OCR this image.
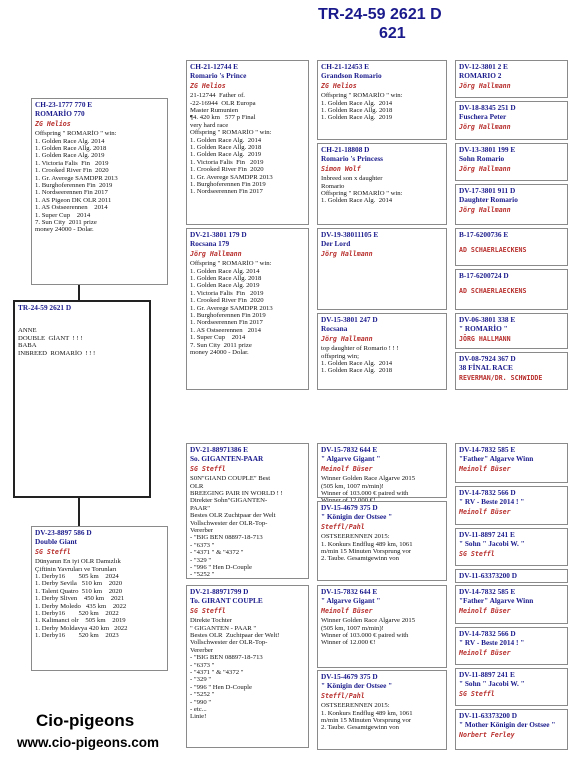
TR-24-59 2621 D
621
CH-23-1777 770 E
ROMARİO 770
ZG Helios
Offspring " ROMARİO " win:
1. Golden Race Alg. 2014
1. Golden Race Allg. 2018
1. Golden Race Alg. 2019
1. Victoria Falis  Fin   2019
1. Crooked River Fin  2020
1. Gr. Averege SAMDPR 2013
1. Burghoferennen Fin  2019
1. Nordseerennen Fin 2017
1. AS Pigeon DK OLR 2011
1. AS Ostseerennen    2014
1. Super Cup    2014
7. Sun City  2011 prize
money 24000 - Dolar.
TR-24-59 2621 D

ANNE
DOUBLE  GİANT  ! ! !
BABA
INBREED  ROMARİO  ! ! !
DV-23-8897 586 D
Double Giant
SG Steffl
Dünyanın En iyi OLR Damızlık
Çiftinin Yavruları ve Torunları
1. Derby16        505 km    2024
1. Derby Sevila   510 km    2020
1. Talent Quatro  510 km    2020
1. Derby Sliven    450 km    2021
1. Derby Moledo   435 km    2022
1. Derby16        520 km    2022
1. Kalimanci olr    505 km    2019
1. Derby Moldavya 420 km   2022
1. Derby16        520 km    2023
Cio-pigeons
www.cio-pigeons.com
CH-21-12744 E
Romario 's Prince
ZG Helios
21-12744  Father of.
-22-16944  OLR Europa
Master Rumunien
¶4. 420 km   577 p Final
very hard race
Offspring " ROMARİO " win:
1. Golden Race Alg.  2014
1. Golden Race Allg. 2018
1. Golden Race Alg.  2019
1. Victoria Falis  Fin   2019
1. Crooked River Fin  2020
1. Gr. Averege SAMDPR 2013
1. Burghoferennen Fin 2019
1. Nordseerennen Fin 2017
DV-21-3801 179 D
Rocsana 179
Jörg Hallmann
Offspring " ROMARİO " win:
1. Golden Race Alg. 2014
1. Golden Race Allg. 2018
1. Golden Race Alg. 2019
1. Victoria Falis  Fin   2019
1. Crooked River Fin  2020
1. Gr. Averege SAMDPR 2013
1. Burghoferennen Fin 2019
1. Nordseerennen Fin 2017
1. AS Ostseerennen   2014
1. Super Cup    2014
7. Sun City  2011 prize
money 24000 - Dolar.
DV-21-88971386 E
So. GIGANTEN-PAAR
SG Steffl
S0N"GIAND COUPLE" Best
OLR
BREEGING PAIR IN WORLD ! !
Direkter Sohn"GIGANTEN-
PAAR"
Bestes OLR Zuchtpaar der Welt
Vollschwester der OLR-Top-
Vererber
- "BIG BEN 08897-18-713
- "6373 "
- "4371 " & "4372 "
- "329 "
- "996 " Hen D-Couple
- "5252 "
DV-21-88971799 D
To. GIRANT COUPLE
SG Steffl
Direkte Tochter
" GIGANTEN - PAAR "
Bestes OLR  Zuchtpaar der Welt!
Vollschwester der OLR-Top-
Vererber
- "BIG BEN 08897-18-713
- "6373 "
- "4371 " & "4372 "
- "329 "
- "996 " Hen D-Couple
- "5252 "
- "990 "
- etc...
Linie!
CH-21-12453 E
Grandson Romario
ZG Helios
Offspring " ROMARİO " win:
1. Golden Race Alg.  2014
1. Golden Race Allg. 2018
1. Golden Race Alg.  2019
CH-21-18808 D
Romario 's Princess
Simon Wolf
Inbreed son x daughter
Romario
Offspring " ROMARİO " win:
1. Golden Race Alg.  2014
DV-19-38011105 E
Der Lord
Jörg Hallmann
DV-15-3801 247 D
Rocsana
Jörg Hallmann
top daughter of Romario ! ! !
offspring win;
1. Golden Race Alg.  2014
1. Golden Race Alg.  2018
DV-15-7832 644 E
" Algarve Gigant "
Meinolf Büser
Winner Golden Race Algarve 2015
(505 km, 1007 m/min)!
Winner of 103.000 € paired with

DV-15-4679 375 D
" Königin der Ostsee "
Steffl/Pahl
OSTSEERENNEN 2015:
1. Konkurs Endflug 489 km, 1061
m/min 15 Minuten Vorsprung vor
2. Taube. Gesamtgewinn von
DV-15-7832 644 E
" Algarve Gigant "
Meinolf Büser
Winner Golden Race Algarve 2015
(505 km, 1007 m/min)!
Winner of 103.000 € paired with
Winner of 12.000 €!
DV-15-4679 375 D
" Königin der Ostsee "
Steffl/Pahl
OSTSEERENNEN 2015:
1. Konkurs Endflug 489 km, 1061
m/min 15 Minuten Vorsprung vor
2. Taube. Gesamtgewinn von
DV-12-3801 2 E
ROMARIO 2
Jörg Hallmann
DV-18-8345 251 D
Fuschera Peter
Jörg Hallmann
DV-13-3801 199 E
Sohn Romario
Jörg Hallmann
DV-17-3801 911 D
Daughter Romario
Jörg Hallmann
B-17-6200736 E
AD SCHAERLAECKENS
B-17-6200724 D
AD SCHAERLAECKENS
DV-06-3801 338 E
" ROMARİO "
JÖRG HALLMANN
DV-08-7924 367 D
38 FİNAL RACE
REVERMAN/DR. SCHWIDDE
DV-14-7832 585 E
"Father" Algarve Winn
Meinolf Büser
DV-14-7832 566 D
" RV - Beste 2014 ! "
Meinolf Büser
DV-11-8897 241 E
" Sohn " Jacobi W. "
SG Steffl
DV-11-63373200 D
DV-14-7832 585 E
"Father" Algarve Winn
Meinolf Büser
DV-14-7832 566 D
" RV - Beste 2014 ! "
Meinolf Büser
DV-11-8897 241 E
" Sohn " Jacobi W. "
SG Steffl
DV-11-63373200 D
" Mother Königin der Ostsee "
Norbert Ferley
